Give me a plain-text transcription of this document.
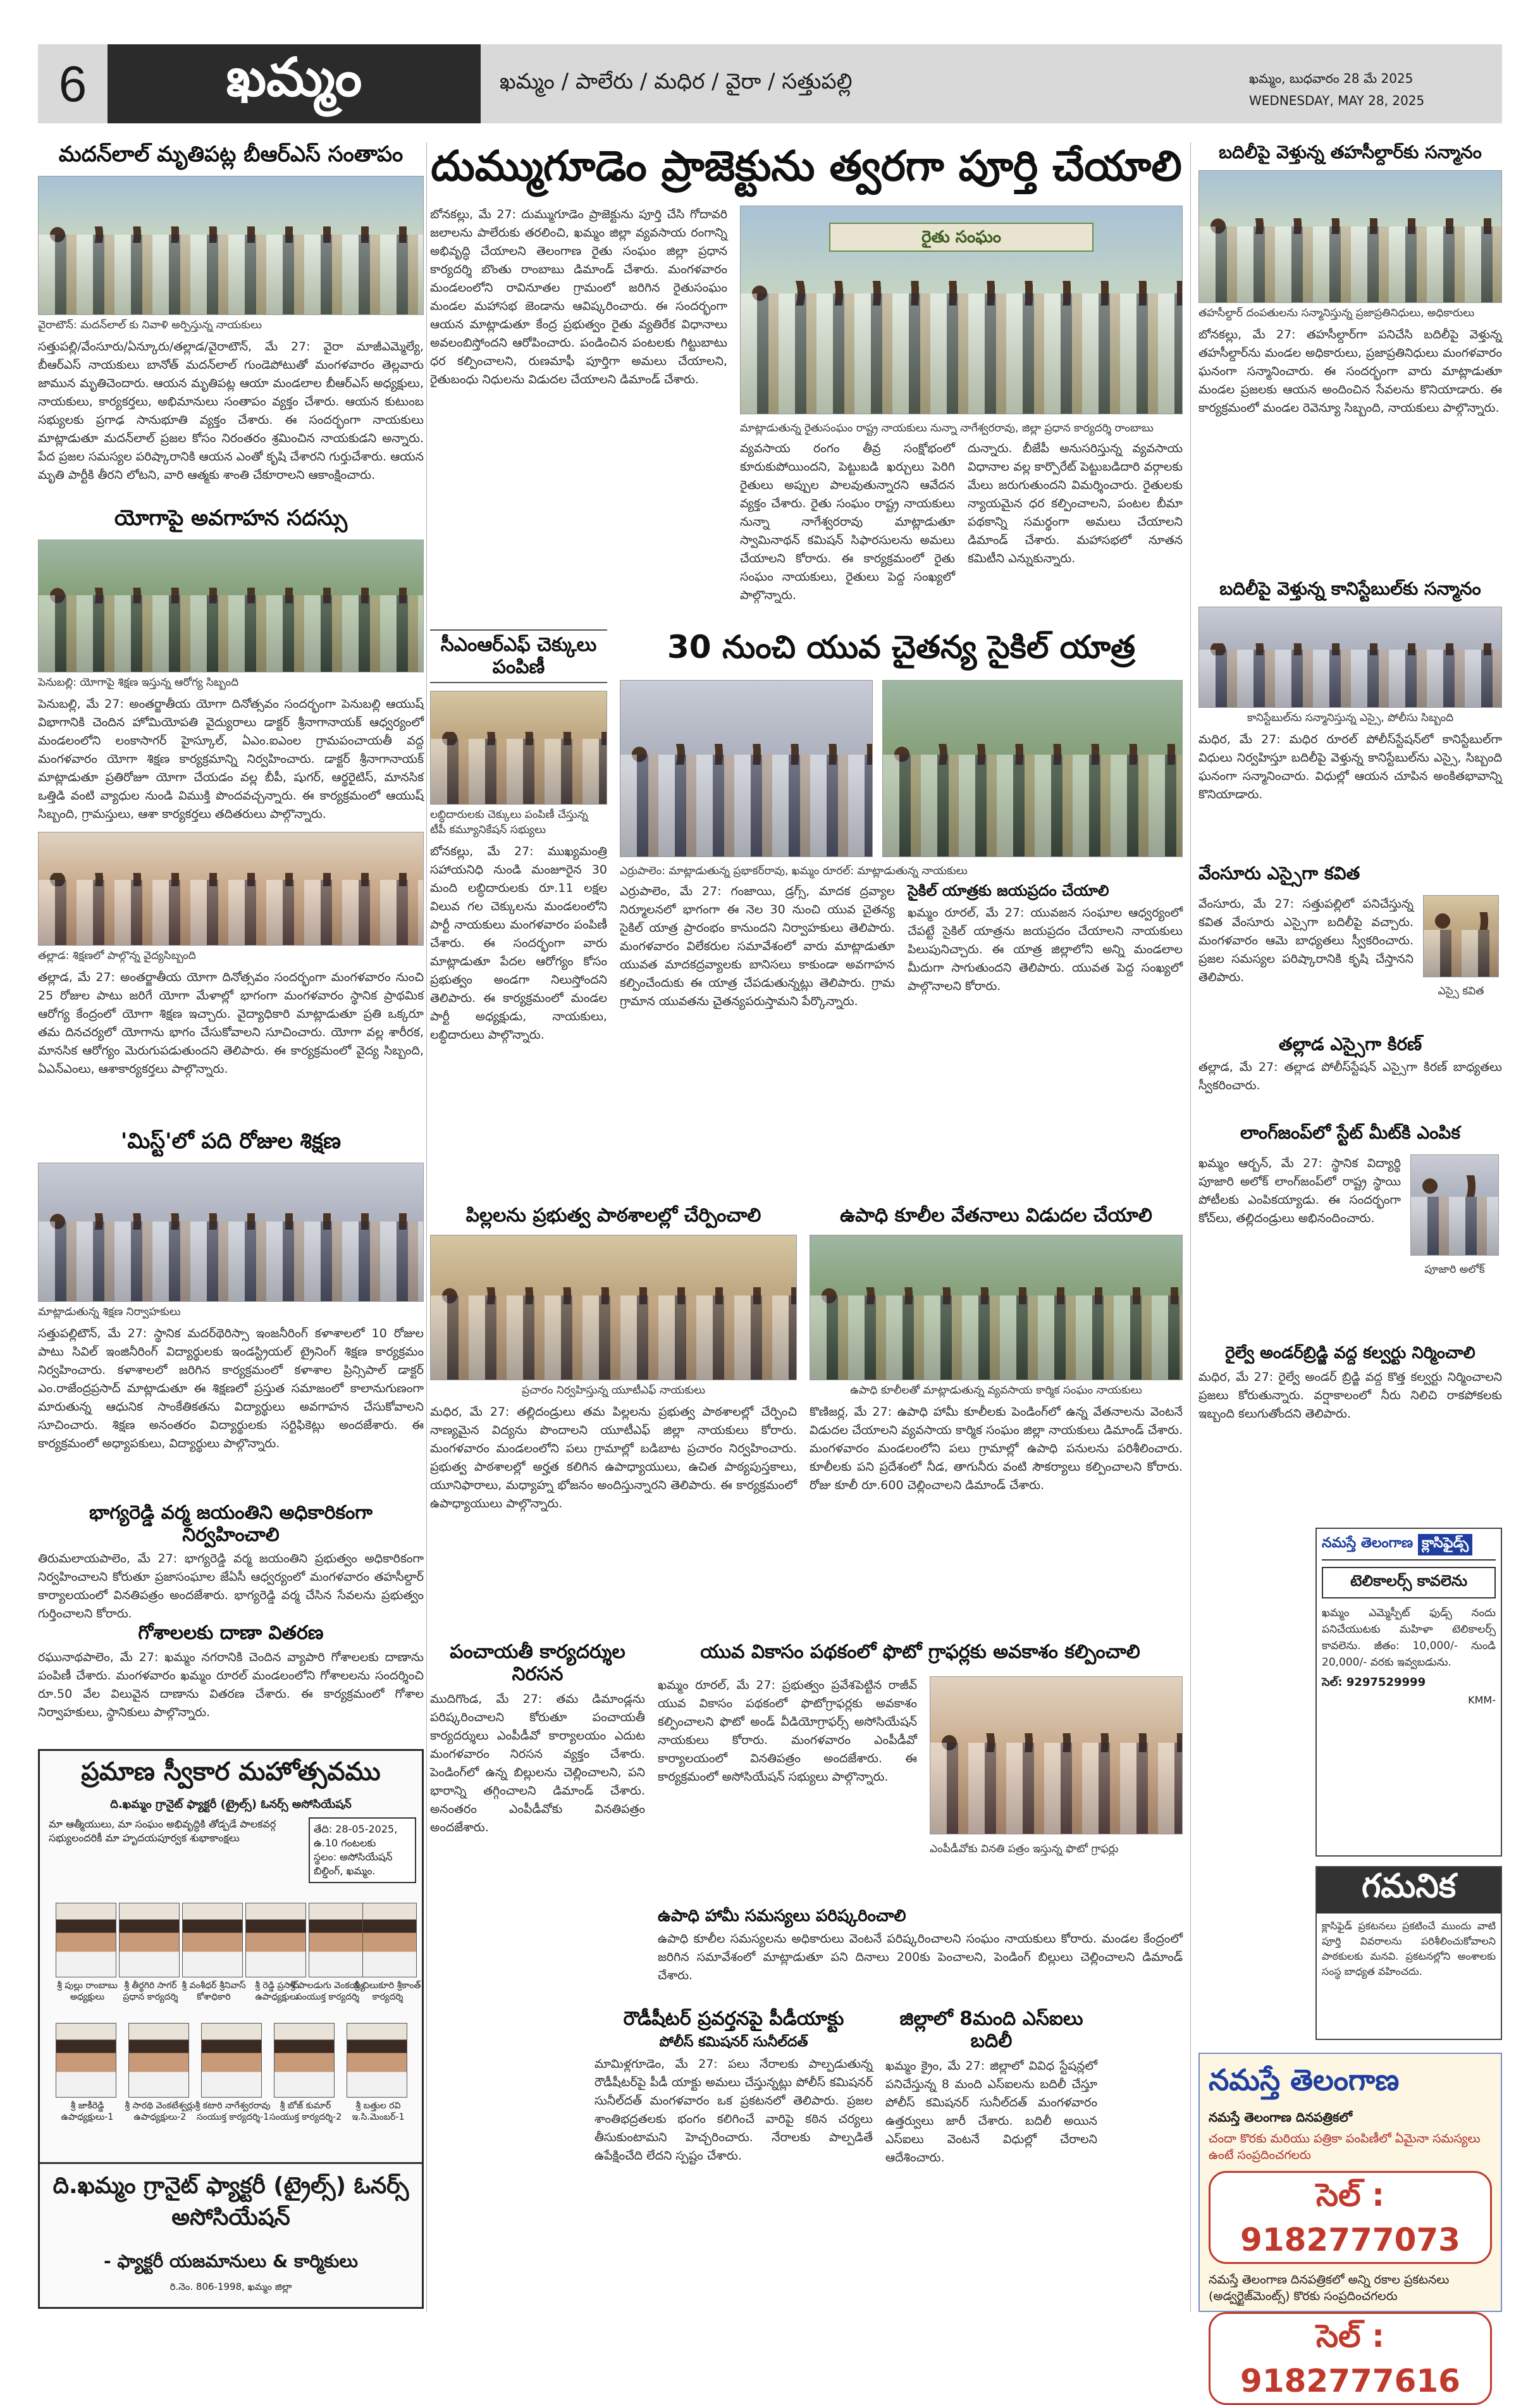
6	ఖమ్మం	ఖమ్మం / పాలేరు / మధిర / వైరా / సత్తుపల్లి	ఖమ్మం, బుధవారం 28 మే 2025
WEDNESDAY, MAY 28, 2025
మదన్‌లాల్ మృతిపట్ల బీఆర్ఎస్ సంతాపం
వైరాటౌన్: మదన్‌లాల్ కు నివాళి అర్పిస్తున్న నాయకులు
సత్తుపల్లి/వేంసూరు/ఏన్కూరు/తల్లాడ/వైరాటౌన్, మే 27: వైరా మాజీఎమ్మెల్యే, బీఆర్ఎస్ నాయకులు బానోత్ మదన్‌లాల్ గుండెపోటుతో మంగళవారం తెల్లవారు జామున మృతిచెందారు. ఆయన మృతిపట్ల ఆయా మండలాల బీఆర్ఎస్ అధ్యక్షులు, నాయకులు, కార్యకర్తలు, అభిమానులు సంతాపం వ్యక్తం చేశారు. ఆయన కుటుంబ సభ్యులకు ప్రగాఢ సానుభూతి వ్యక్తం చేశారు. ఈ సందర్భంగా నాయకులు మాట్లాడుతూ మదన్‌లాల్ ప్రజల కోసం నిరంతరం శ్రమించిన నాయకుడని అన్నారు. పేద ప్రజల సమస్యల పరిష్కారానికి ఆయన ఎంతో కృషి చేశారని గుర్తుచేశారు. ఆయన మృతి పార్టీకి తీరని లోటని, వారి ఆత్మకు శాంతి చేకూరాలని ఆకాంక్షించారు.
యోగాపై అవగాహన సదస్సు
పెనుబల్లి: యోగాపై శిక్షణ ఇస్తున్న ఆరోగ్య సిబ్బంది
పెనుబల్లి, మే 27: అంతర్జాతీయ యోగా దినోత్సవం సందర్భంగా పెనుబల్లి ఆయుష్ విభాగానికి చెందిన హోమియోపతి వైద్యురాలు డాక్టర్ శ్రీనాగానాయక్ ఆధ్వర్యంలో మండలంలోని లంకాసాగర్ హైస్కూల్, ఏఎం.ఐఎంల గ్రామపంచాయతీ వద్ద మంగళవారం యోగా శిక్షణ కార్యక్రమాన్ని నిర్వహించారు. డాక్టర్ శ్రీనాగానాయక్ మాట్లాడుతూ ప్రతిరోజూ యోగా చేయడం వల్ల బీపీ, షుగర్, ఆర్థరైటిస్, మానసిక ఒత్తిడి వంటి వ్యాధుల నుండి విముక్తి పొందవచ్చన్నారు. ఈ కార్యక్రమంలో ఆయుష్ సిబ్బంది, గ్రామస్తులు, ఆశా కార్యకర్తలు తదితరులు పాల్గొన్నారు.
తల్లాడ: శిక్షణలో పాల్గొన్న వైద్యసిబ్బంది
తల్లాడ, మే 27: అంతర్జాతీయ యోగా దినోత్సవం సందర్భంగా మంగళవారం నుంచి 25 రోజుల పాటు జరిగే యోగా మేళాల్లో భాగంగా మంగళవారం స్థానిక ప్రాథమిక ఆరోగ్య కేంద్రంలో యోగా శిక్షణ ఇచ్చారు. వైద్యాధికారి మాట్లాడుతూ ప్రతి ఒక్కరూ తమ దినచర్యలో యోగాను భాగం చేసుకోవాలని సూచించారు. యోగా వల్ల శారీరక, మానసిక ఆరోగ్యం మెరుగుపడుతుందని తెలిపారు. ఈ కార్యక్రమంలో వైద్య సిబ్బంది, ఏఎన్ఎంలు, ఆశాకార్యకర్తలు పాల్గొన్నారు.
'మిస్ట్'లో పది రోజుల శిక్షణ
మాట్లాడుతున్న శిక్షణ నిర్వాహకులు
సత్తుపల్లిటౌన్, మే 27: స్థానిక మదర్‌థెరిస్సా ఇంజనీరింగ్ కళాశాలలో 10 రోజుల పాటు సివిల్ ఇంజినీరింగ్ విద్యార్థులకు ఇండస్ట్రియల్ ట్రైనింగ్ శిక్షణ కార్యక్రమం నిర్వహించారు. కళాశాలలో జరిగిన కార్యక్రమంలో కళాశాల ప్రిన్సిపాల్ డాక్టర్ ఎం.రాజేంద్రప్రసాద్ మాట్లాడుతూ ఈ శిక్షణలో ప్రస్తుత సమాజంలో కాలానుగుణంగా మారుతున్న ఆధునిక సాంకేతికతను విద్యార్థులు అవగాహన చేసుకోవాలని సూచించారు. శిక్షణ అనంతరం విద్యార్థులకు సర్టిఫికెట్లు అందజేశారు. ఈ కార్యక్రమంలో అధ్యాపకులు, విద్యార్థులు పాల్గొన్నారు.
భాగ్యరెడ్డి వర్మ జయంతిని అధికారికంగా నిర్వహించాలి
తిరుమలాయపాలెం, మే 27: భాగ్యరెడ్డి వర్మ జయంతిని ప్రభుత్వం అధికారికంగా నిర్వహించాలని కోరుతూ ప్రజాసంఘాల జేఏసీ ఆధ్వర్యంలో మంగళవారం తహసీల్దార్ కార్యాలయంలో వినతిపత్రం అందజేశారు. భాగ్యరెడ్డి వర్మ చేసిన సేవలను ప్రభుత్వం గుర్తించాలని కోరారు.
గోశాలలకు దాణా వితరణ
రఘునాథపాలెం, మే 27: ఖమ్మం నగరానికి చెందిన వ్యాపారి గోశాలలకు దాణాను పంపిణీ చేశారు. మంగళవారం ఖమ్మం రూరల్ మండలంలోని గోశాలలను సందర్శించి రూ.50 వేల విలువైన దాణాను వితరణ చేశారు. ఈ కార్యక్రమంలో గోశాల నిర్వాహకులు, స్థానికులు పాల్గొన్నారు.
ప్రమాణ స్వీకార మహోత్సవము
ది.ఖమ్మం గ్రానైట్ ఫ్యాక్టరీ (ట్రైల్స్) ఓనర్స్ అసోసియేషన్
మా ఆత్మీయులు, మా సంఘం అభివృద్ధికి తోడ్పడే పాలకవర్గ సభ్యులందరికీ మా హృదయపూర్వక శుభాకాంక్షలు
తేది: 28-05-2025, ఉ.10 గంటలకు
స్థలం: అసోసియేషన్ బిల్డింగ్, ఖమ్మం.
శ్రీ పుల్లు రాంబాబు
అధ్యక్షులు
శ్రీ తీర్థగిరి సాగర్
ప్రధాన కార్యదర్శి
శ్రీ వంశీధర్ శ్రీనివాస్
కోశాధికారి
శ్రీ రెడ్డి ప్రసాద్
ఉపాధ్యక్షులు
శ్రీ పాలడుగు వెంకయ్య
సంయుక్త కార్యదర్శి
శ్రీ చిలుకూరి శ్రీకాంత్
కార్యదర్శి
శ్రీ జాకీరెడ్డి
ఉపాధ్యక్షులు-1
శ్రీ సారథి వెంకటేశ్వర్లు
ఉపాధ్యక్షులు-2
శ్రీ కటారి నాగేశ్వరరావు
సంయుక్త కార్యదర్శి-1
శ్రీ బోజ్ కుమార్
సంయుక్త కార్యదర్శి-2
శ్రీ బత్తుల రవి
ఇ.సి.మెంబర్-1
ది.ఖమ్మం గ్రానైట్ ఫ్యాక్టరీ (ట్రైల్స్) ఓనర్స్ అసోసియేషన్
- ఫ్యాక్టరీ యజమానులు & కార్మికులు
రి.నెం. 806-1998, ఖమ్మం జిల్లా
దుమ్ముగూడెం ప్రాజెక్టును త్వరగా పూర్తి చేయాలి
బోనకల్లు, మే 27: దుమ్ముగూడెం ప్రాజెక్టును పూర్తి చేసి గోదావరి జలాలను పాలేరుకు తరలించి, ఖమ్మం జిల్లా వ్యవసాయ రంగాన్ని అభివృద్ధి చేయాలని తెలంగాణ రైతు సంఘం జిల్లా ప్రధాన కార్యదర్శి బొంతు రాంబాబు డిమాండ్ చేశారు. మంగళవారం మండలంలోని రావినూతల గ్రామంలో జరిగిన రైతుసంఘం మండల మహాసభ జెండాను ఆవిష్కరించారు. ఈ సందర్భంగా ఆయన మాట్లాడుతూ కేంద్ర ప్రభుత్వం రైతు వ్యతిరేక విధానాలు అవలంబిస్తోందని ఆరోపించారు. పండించిన పంటలకు గిట్టుబాటు ధర కల్పించాలని, రుణమాఫీ పూర్తిగా అమలు చేయాలని, రైతుబంధు నిధులను విడుదల చేయాలని డిమాండ్ చేశారు.
రైతు సంఘం
మాట్లాడుతున్న రైతుసంఘం రాష్ట్ర నాయకులు నున్నా నాగేశ్వరరావు, జిల్లా ప్రధాన కార్యదర్శి రాంబాబు
వ్యవసాయ రంగం తీవ్ర సంక్షోభంలో కూరుకుపోయిందని, పెట్టుబడి ఖర్చులు పెరిగి రైతులు అప్పుల పాలవుతున్నారని ఆవేదన వ్యక్తం చేశారు. రైతు సంఘం రాష్ట్ర నాయకులు నున్నా నాగేశ్వరరావు మాట్లాడుతూ స్వామినాథన్ కమిషన్ సిఫారసులను అమలు చేయాలని కోరారు. ఈ కార్యక్రమంలో రైతు సంఘం నాయకులు, రైతులు పెద్ద సంఖ్యలో పాల్గొన్నారు.
దున్నారు. బీజేపీ అనుసరిస్తున్న వ్యవసాయ విధానాల వల్ల కార్పొరేట్ పెట్టుబడిదారి వర్గాలకు మేలు జరుగుతుందని విమర్శించారు. రైతులకు న్యాయమైన ధర కల్పించాలని, పంటల బీమా పథకాన్ని సమర్థంగా అమలు చేయాలని డిమాండ్ చేశారు. మహాసభలో నూతన కమిటీని ఎన్నుకున్నారు.
సీఎంఆర్ఎఫ్ చెక్కులు పంపిణీ
లబ్ధిదారులకు చెక్కులు పంపిణీ చేస్తున్న టీపీ కమ్యూనికేషన్ సభ్యులు
బోనకల్లు, మే 27: ముఖ్యమంత్రి సహాయనిధి నుండి మంజూరైన 30 మంది లబ్ధిదారులకు రూ.11 లక్షల విలువ గల చెక్కులను మండలంలోని పార్టీ నాయకులు మంగళవారం పంపిణీ చేశారు. ఈ సందర్భంగా వారు మాట్లాడుతూ పేదల ఆరోగ్యం కోసం ప్రభుత్వం అండగా నిలుస్తోందని తెలిపారు. ఈ కార్యక్రమంలో మండల పార్టీ అధ్యక్షుడు, నాయకులు, లబ్ధిదారులు పాల్గొన్నారు.
30 నుంచి యువ చైతన్య సైకిల్ యాత్ర
ఎర్రుపాలెం: మాట్లాడుతున్న ప్రభాకర్‌రావు, ఖమ్మం రూరల్: మాట్లాడుతున్న నాయకులు
ఎర్రుపాలెం, మే 27: గంజాయి, డ్రగ్స్, మాదక ద్రవ్యాల నిర్మూలనలో భాగంగా ఈ నెల 30 నుంచి యువ చైతన్య సైకిల్ యాత్ర ప్రారంభం కానుందని నిర్వాహకులు తెలిపారు. మంగళవారం విలేకరుల సమావేశంలో వారు మాట్లాడుతూ యువత మాదకద్రవ్యాలకు బానిసలు కాకుండా అవగాహన కల్పించేందుకు ఈ యాత్ర చేపడుతున్నట్లు తెలిపారు. గ్రామ గ్రామాన యువతను చైతన్యపరుస్తామని పేర్కొన్నారు.
సైకిల్ యాత్రకు జయప్రదం చేయాలి
ఖమ్మం రూరల్, మే 27: యువజన సంఘాల ఆధ్వర్యంలో చేపట్టే సైకిల్ యాత్రను జయప్రదం చేయాలని నాయకులు పిలుపునిచ్చారు. ఈ యాత్ర జిల్లాలోని అన్ని మండలాల మీదుగా సాగుతుందని తెలిపారు. యువత పెద్ద సంఖ్యలో పాల్గొనాలని కోరారు.
పిల్లలను ప్రభుత్వ పాఠశాలల్లో చేర్పించాలి
ప్రచారం నిర్వహిస్తున్న యూటీఎఫ్ నాయకులు
మధిర, మే 27: తల్లిదండ్రులు తమ పిల్లలను ప్రభుత్వ పాఠశాలల్లో చేర్పించి నాణ్యమైన విద్యను పొందాలని యూటీఎఫ్ జిల్లా నాయకులు కోరారు. మంగళవారం మండలంలోని పలు గ్రామాల్లో బడిబాట ప్రచారం నిర్వహించారు. ప్రభుత్వ పాఠశాలల్లో అర్హత కలిగిన ఉపాధ్యాయులు, ఉచిత పాఠ్యపుస్తకాలు, యూనిఫారాలు, మధ్యాహ్న భోజనం అందిస్తున్నారని తెలిపారు. ఈ కార్యక్రమంలో ఉపాధ్యాయులు పాల్గొన్నారు.
ఉపాధి కూలీల వేతనాలు విడుదల చేయాలి
ఉపాధి కూలీలతో మాట్లాడుతున్న వ్యవసాయ కార్మిక సంఘం నాయకులు
కొణిజర్ల, మే 27: ఉపాధి హామీ కూలీలకు పెండింగ్‌లో ఉన్న వేతనాలను వెంటనే విడుదల చేయాలని వ్యవసాయ కార్మిక సంఘం జిల్లా నాయకులు డిమాండ్ చేశారు. మంగళవారం మండలంలోని పలు గ్రామాల్లో ఉపాధి పనులను పరిశీలించారు. కూలీలకు పని ప్రదేశంలో నీడ, తాగునీరు వంటి సౌకర్యాలు కల్పించాలని కోరారు. రోజు కూలీ రూ.600 చెల్లించాలని డిమాండ్ చేశారు.
పంచాయతీ కార్యదర్శుల నిరసన
ముదిగొండ, మే 27: తమ డిమాండ్లను పరిష్కరించాలని కోరుతూ పంచాయతీ కార్యదర్శులు ఎంపీడీవో కార్యాలయం ఎదుట మంగళవారం నిరసన వ్యక్తం చేశారు. పెండింగ్‌లో ఉన్న బిల్లులను చెల్లించాలని, పని భారాన్ని తగ్గించాలని డిమాండ్ చేశారు. అనంతరం ఎంపీడీవోకు వినతిపత్రం అందజేశారు.
యువ వికాసం పథకంలో ఫొటో గ్రాఫర్లకు అవకాశం కల్పించాలి
ఖమ్మం రూరల్, మే 27: ప్రభుత్వం ప్రవేశపెట్టిన రాజీవ్ యువ వికాసం పథకంలో ఫొటోగ్రాఫర్లకు అవకాశం కల్పించాలని ఫొటో అండ్ వీడియోగ్రాఫర్స్ అసోసియేషన్ నాయకులు కోరారు. మంగళవారం ఎంపీడీవో కార్యాలయంలో వినతిపత్రం అందజేశారు. ఈ కార్యక్రమంలో అసోసియేషన్ సభ్యులు పాల్గొన్నారు.
ఎంపీడీవోకు వినతి పత్రం ఇస్తున్న ఫొటో గ్రాఫర్లు
ఉపాధి హామీ సమస్యలు పరిష్కరించాలి
ఉపాధి కూలీల సమస్యలను అధికారులు వెంటనే పరిష్కరించాలని సంఘం నాయకులు కోరారు. మండల కేంద్రంలో జరిగిన సమావేశంలో మాట్లాడుతూ పని దినాలు 200కు పెంచాలని, పెండింగ్ బిల్లులు చెల్లించాలని డిమాండ్ చేశారు.
రౌడీషీటర్ ప్రవర్తనపై పీడీయాక్టు
పోలీస్ కమిషనర్ సునీల్‌దత్
మామిళ్లగూడెం, మే 27: పలు నేరాలకు పాల్పడుతున్న రౌడీషీటర్‌పై పీడీ యాక్టు అమలు చేస్తున్నట్లు పోలీస్ కమిషనర్ సునీల్‌దత్ మంగళవారం ఒక ప్రకటనలో తెలిపారు. ప్రజల శాంతిభద్రతలకు భంగం కలిగించే వారిపై కఠిన చర్యలు తీసుకుంటామని హెచ్చరించారు. నేరాలకు పాల్పడితే ఉపేక్షించేది లేదని స్పష్టం చేశారు.
జిల్లాలో 8మంది ఎస్ఐలు బదిలీ
ఖమ్మం క్రైం, మే 27: జిల్లాలో వివిధ స్టేషన్లలో పనిచేస్తున్న 8 మంది ఎస్ఐలను బదిలీ చేస్తూ పోలీస్ కమిషనర్ సునీల్‌దత్ మంగళవారం ఉత్తర్వులు జారీ చేశారు. బదిలీ అయిన ఎస్ఐలు వెంటనే విధుల్లో చేరాలని ఆదేశించారు.
బదిలీపై వెళ్తున్న తహసీల్దార్‌కు సన్మానం
తహసీల్దార్ దంపతులను సన్మానిస్తున్న ప్రజాప్రతినిధులు, అధికారులు
బోనకల్లు, మే 27: తహసీల్దార్‌గా పనిచేసి బదిలీపై వెళ్తున్న తహసీల్దార్‌ను మండల అధికారులు, ప్రజాప్రతినిధులు మంగళవారం ఘనంగా సన్మానించారు. ఈ సందర్భంగా వారు మాట్లాడుతూ మండల ప్రజలకు ఆయన అందించిన సేవలను కొనియాడారు. ఈ కార్యక్రమంలో మండల రెవెన్యూ సిబ్బంది, నాయకులు పాల్గొన్నారు.
బదిలీపై వెళ్తున్న కానిస్టేబుల్‌కు సన్మానం
కానిస్టేబుల్‌ను సన్మానిస్తున్న ఎస్సై, పోలీసు సిబ్బంది
మధిర, మే 27: మధిర రూరల్ పోలీస్‌స్టేషన్‌లో కానిస్టేబుల్‌గా విధులు నిర్వహిస్తూ బదిలీపై వెళ్తున్న కానిస్టేబుల్‌ను ఎస్సై, సిబ్బంది ఘనంగా సన్మానించారు. విధుల్లో ఆయన చూపిన అంకితభావాన్ని కొనియాడారు.
వేంసూరు ఎస్సైగా కవిత
వేంసూరు, మే 27: సత్తుపల్లిలో పనిచేస్తున్న కవిత వేంసూరు ఎస్సైగా బదిలీపై వచ్చారు. మంగళవారం ఆమె బాధ్యతలు స్వీకరించారు. ప్రజల సమస్యల పరిష్కారానికి కృషి చేస్తానని తెలిపారు.
ఎస్సై కవిత
తల్లాడ ఎస్సైగా కిరణ్
తల్లాడ, మే 27: తల్లాడ పోలీస్‌స్టేషన్ ఎస్సైగా కిరణ్ బాధ్యతలు స్వీకరించారు.
లాంగ్‌జంప్‌లో స్టేట్ మీట్‌కి ఎంపిక
ఖమ్మం ఆర్బన్, మే 27: స్థానిక విద్యార్థి పూజారి అలోక్ లాంగ్‌జంప్‌లో రాష్ట్ర స్థాయి పోటీలకు ఎంపికయ్యాడు. ఈ సందర్భంగా కోచ్‌లు, తల్లిదండ్రులు అభినందించారు.
పూజారి అలోక్
రైల్వే అండర్‌బ్రిడ్జి వద్ద కల్వర్టు నిర్మించాలి
మధిర, మే 27: రైల్వే అండర్ బ్రిడ్జి వద్ద కొత్త కల్వర్టు నిర్మించాలని ప్రజలు కోరుతున్నారు. వర్షాకాలంలో నీరు నిలిచి రాకపోకలకు ఇబ్బంది కలుగుతోందని తెలిపారు.
నమస్తే తెలంగాణ క్లాసిఫైడ్స్
టెలికాలర్స్ కావలెను
ఖమ్మం ఎమ్మెస్పీట్ ఫుడ్స్ నందు పనిచేయుటకు మహిళా టెలికాలర్స్ కావలెను. జీతం: 10,000/- నుండి 20,000/- వరకు ఇవ్వబడును.
సెల్: 9297529999
KMM-
గమనిక
క్లాసిఫైడ్ ప్రకటనలు ప్రకటించే ముందు వాటి పూర్తి వివరాలను పరిశీలించుకోవాలని పాఠకులకు మనవి. ప్రకటనల్లోని అంశాలకు సంస్థ బాధ్యత వహించదు.
నమస్తే తెలంగాణ
నమస్తే తెలంగాణ దినపత్రికలో
చందా కొరకు మరియు పత్రికా పంపిణీలో ఏమైనా సమస్యలు ఉంటే సంప్రదించగలరు
సెల్ : 9182777073
నమస్తే తెలంగాణ దినపత్రికలో అన్ని రకాల ప్రకటనలు (అడ్వర్టైజ్‌మెంట్స్) కొరకు సంప్రదించగలరు
సెల్ : 9182777616
